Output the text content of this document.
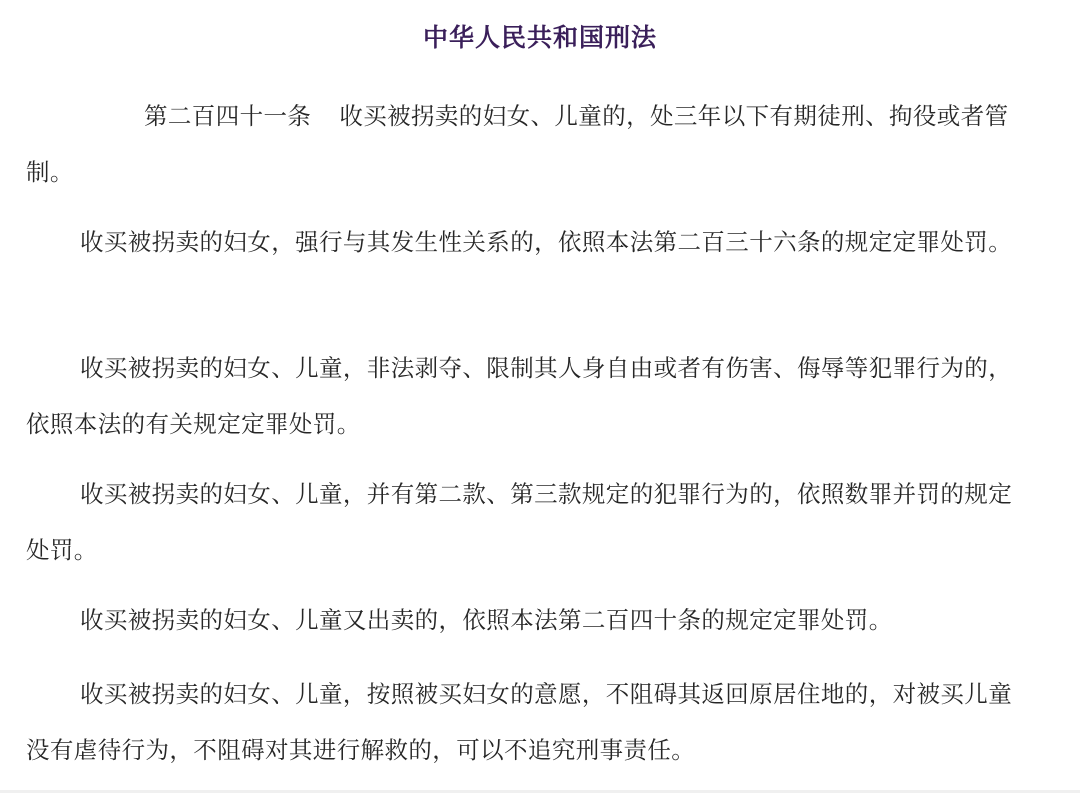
中华人民共和国刑法

第二百四十一条 收买被拐卖的妇女、儿童的，处三年以下有期徒刑、拘役或者管制。

收买被拐卖的妇女，强行与其发生性关系的，依照本法第二百三十六条的规定定罪处罚。

收买被拐卖的妇女、儿童，非法剥夺、限制其人身自由或者有伤害、侮辱等犯罪行为的，依照本法的有关规定定罪处罚。

收买被拐卖的妇女、儿童，并有第二款、第三款规定的犯罪行为的，依照数罪并罚的规定处罚。

收买被拐卖的妇女、儿童又出卖的，依照本法第二百四十条的规定定罪处罚。

收买被拐卖的妇女、儿童，按照被买妇女的意愿，不阻碍其返回原居住地的，对被买儿童没有虐待行为，不阻碍对其进行解救的，可以不追究刑事责任。
